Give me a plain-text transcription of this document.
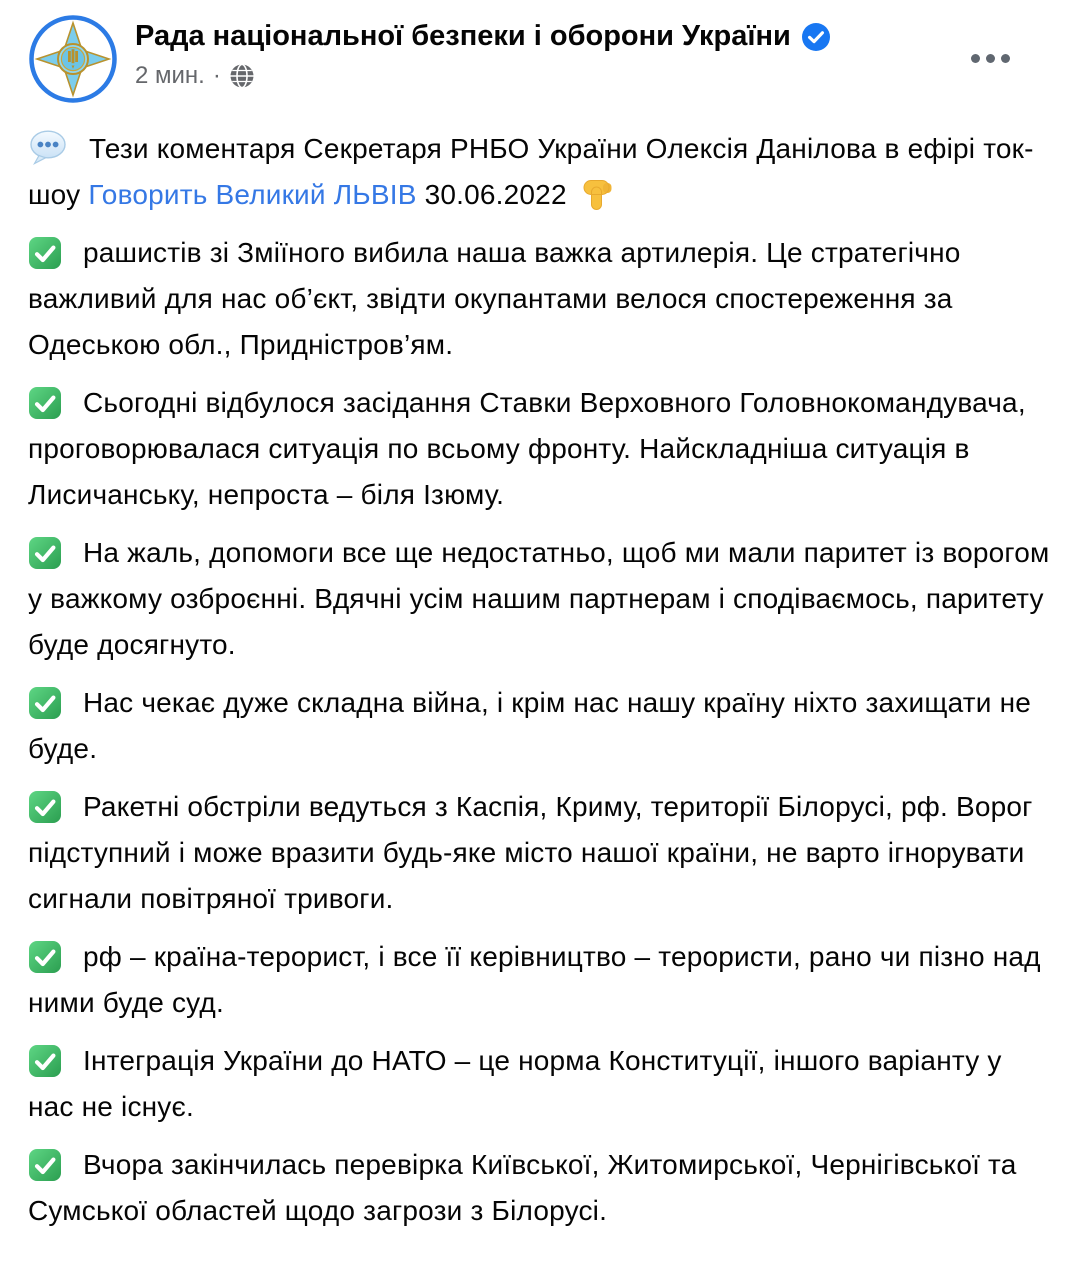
Рада національної безпеки і оборони України
2 мин. ·

Тези коментаря Секретаря РНБО України Олексія Данілова в ефірі ток-шоу Говорить Великий ЛЬВІВ 30.06.2022

рашистів зі Зміїного вибила наша важка артилерія. Це стратегічно важливий для нас об’єкт, звідти окупантами велося спостереження за Одеською обл., Придністров’ям.

Сьогодні відбулося засідання Ставки Верховного Головнокомандувача, проговорювалася ситуація по всьому фронту. Найскладніша ситуація в Лисичанську, непроста – біля Ізюму.

На жаль, допомоги все ще недостатньо, щоб ми мали паритет із ворогом у важкому озброєнні. Вдячні усім нашим партнерам і сподіваємось, паритету буде досягнуто.

Нас чекає дуже складна війна, і крім нас нашу країну ніхто захищати не буде.

Ракетні обстріли ведуться з Каспія, Криму, території Білорусі, рф. Ворог підступний і може вразити будь-яке місто нашої країни, не варто ігнорувати сигнали повітряної тривоги.

рф – країна-терорист, і все її керівництво – терористи, рано чи пізно над ними буде суд.

Інтеграція України до НАТО – це норма Конституції, іншого варіанту у нас не існує.

Вчора закінчилась перевірка Київської, Житомирської, Чернігівської та Сумської областей щодо загрози з Білорусі.
